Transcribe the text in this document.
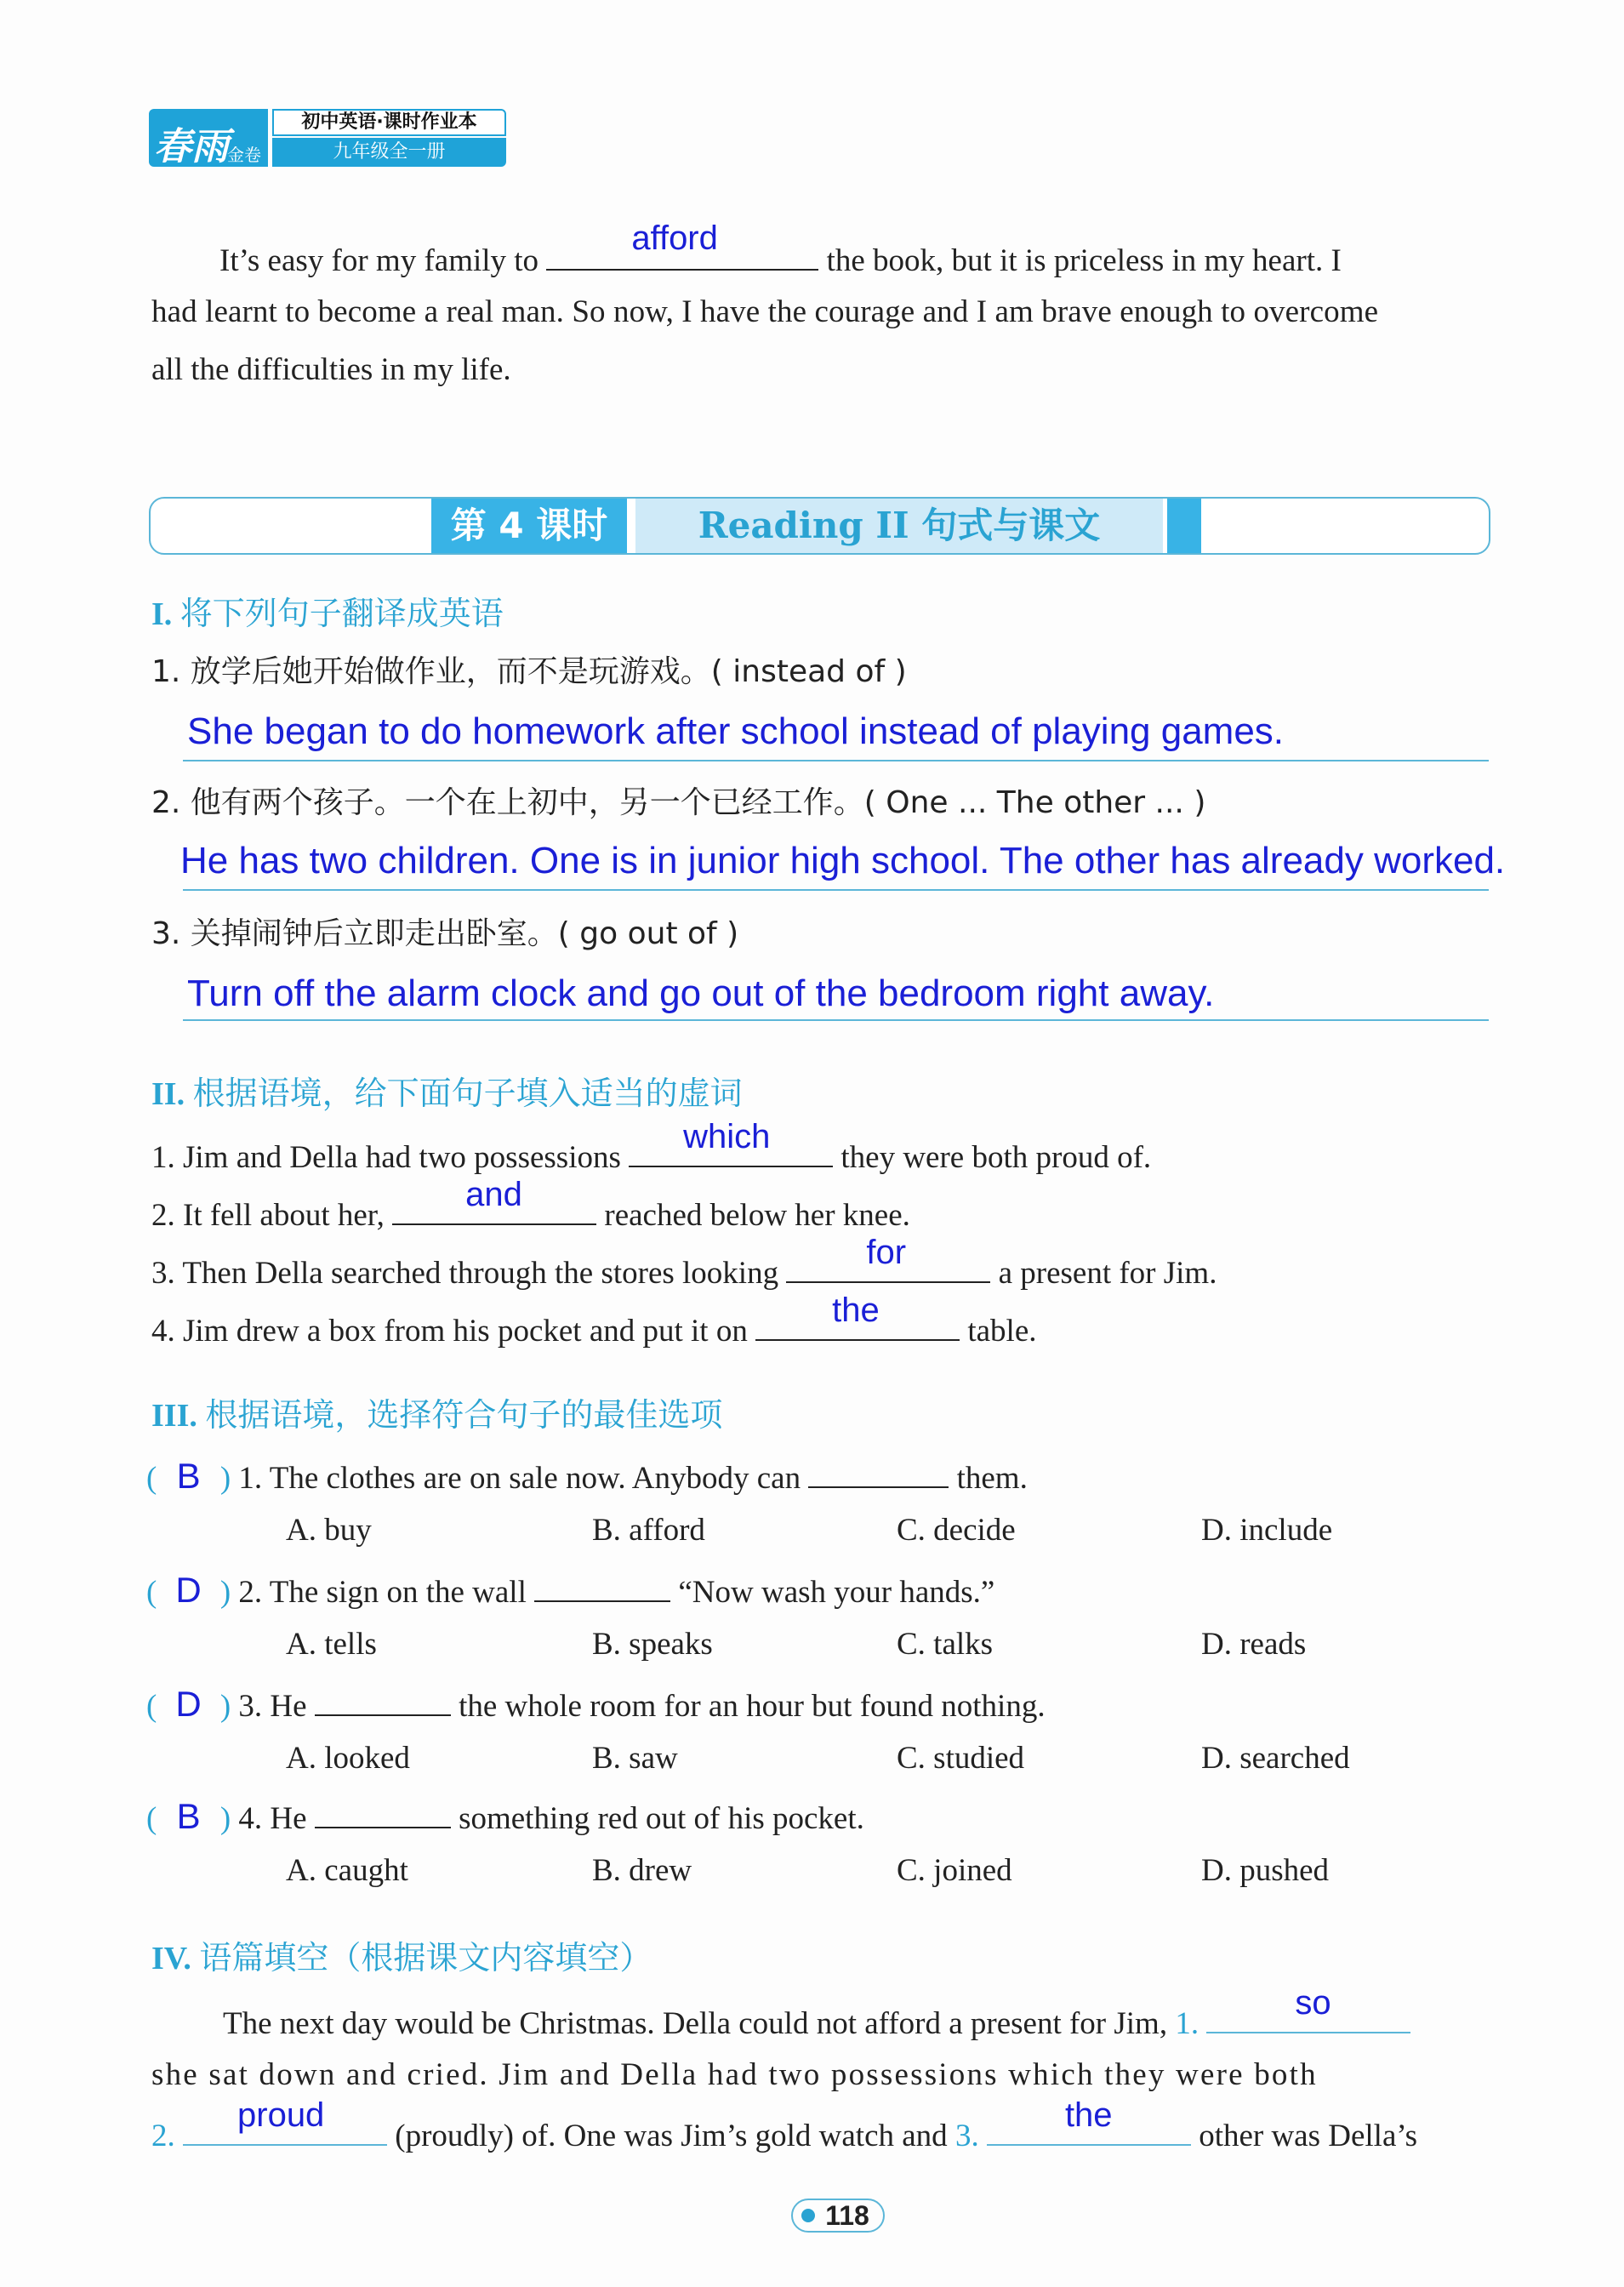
春雨
金卷
初中英语·课时作业本
九年级全一册
It’s easy for my family to
afford
the book, but it is priceless in my heart. I
had learnt to become a real man. So now, I have the courage and I am brave enough to overcome
all the difficulties in my life.
第 4 课时	Reading II 句式与课文
I. 将下列句子翻译成英语
1. 放学后她开始做作业，而不是玩游戏。( instead of )
She began to do homework after school instead of playing games.
2. 他有两个孩子。一个在上初中，另一个已经工作。( One ... The other ... )
He has two children. One is in junior high school. The other has already worked.
3. 关掉闹钟后立即走出卧室。( go out of )
Turn off the alarm clock and go out of the bedroom right away.
II. 根据语境，给下面句子填入适当的虚词
1. Jim and Della had two possessions
which
they were both proud of.
2. It fell about her,
and
reached below her knee.
3. Then Della searched through the stores looking
for
a present for Jim.
4. Jim drew a box from his pocket and put it on
the
table.
III. 根据语境，选择符合句子的最佳选项
( B ) 1. The clothes are on sale now. Anybody can	them.
A. buy	B. afford	C. decide	D. include
( D ) 2. The sign on the wall	“Now wash your hands.”
A. tells	B. speaks	C. talks	D. reads
( D ) 3. He	the whole room for an hour but found nothing.
A. looked	B. saw	C. studied	D. searched
( B ) 4. He	something red out of his pocket.
A. caught	B. drew	C. joined	D. pushed
IV. 语篇填空（根据课文内容填空）
The next day would be Christmas. Della could not afford a present for Jim, 1.
so
she sat down and cried. Jim and Della had two possessions which they were both
2.
proud
(proudly) of. One was Jim’s gold watch and 3.
the
other was Della’s
118
